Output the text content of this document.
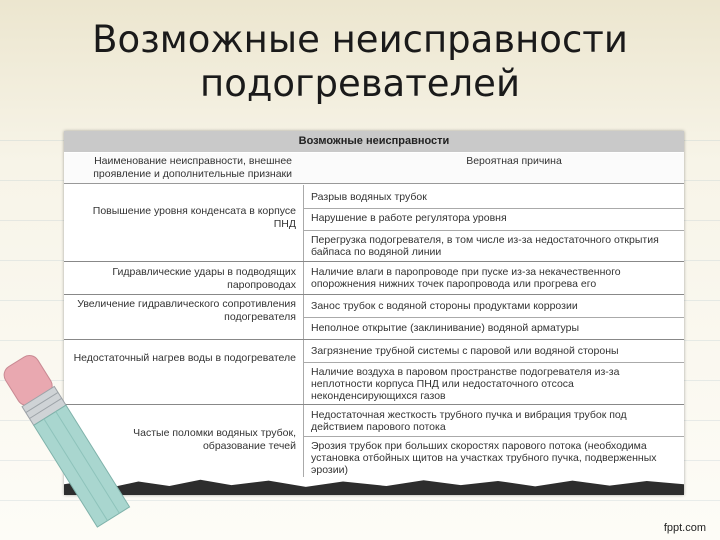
Возможные неисправности
подогревателей
Возможные неисправности
Наименование неисправности, внешнее проявление и дополнительные признаки
Вероятная причина
Повышение уровня конденсата в корпусе ПНД
Разрыв водяных трубок
Нарушение в работе регулятора уровня
Перегрузка подогревателя, в том числе из-за недостаточного открытия байпаса по водяной линии
Гидравлические удары в подводящих паропроводах
Наличие влаги в паропроводе при пуске из-за некачественного опорожнения нижних точек паропровода или прогрева его
Увеличение гидравлического сопротивления подогревателя
Занос трубок с водяной стороны продуктами коррозии
Неполное открытие (заклинивание) водяной арматуры
Недостаточный нагрев воды в подогревателе
Загрязнение трубной системы с паровой или водяной стороны
Наличие воздуха в паровом пространстве подогревателя из-за неплотности корпуса ПНД или недостаточного отсоса неконденсирующихся газов
Частые поломки водяных трубок, образование течей
Недостаточная жесткость трубного пучка и вибрация трубок под действием парового потока
Эрозия трубок при больших скоростях парового потока (необходима установка отбойных щитов на участках трубного пучка, подверженных эрозии)
fppt.com
